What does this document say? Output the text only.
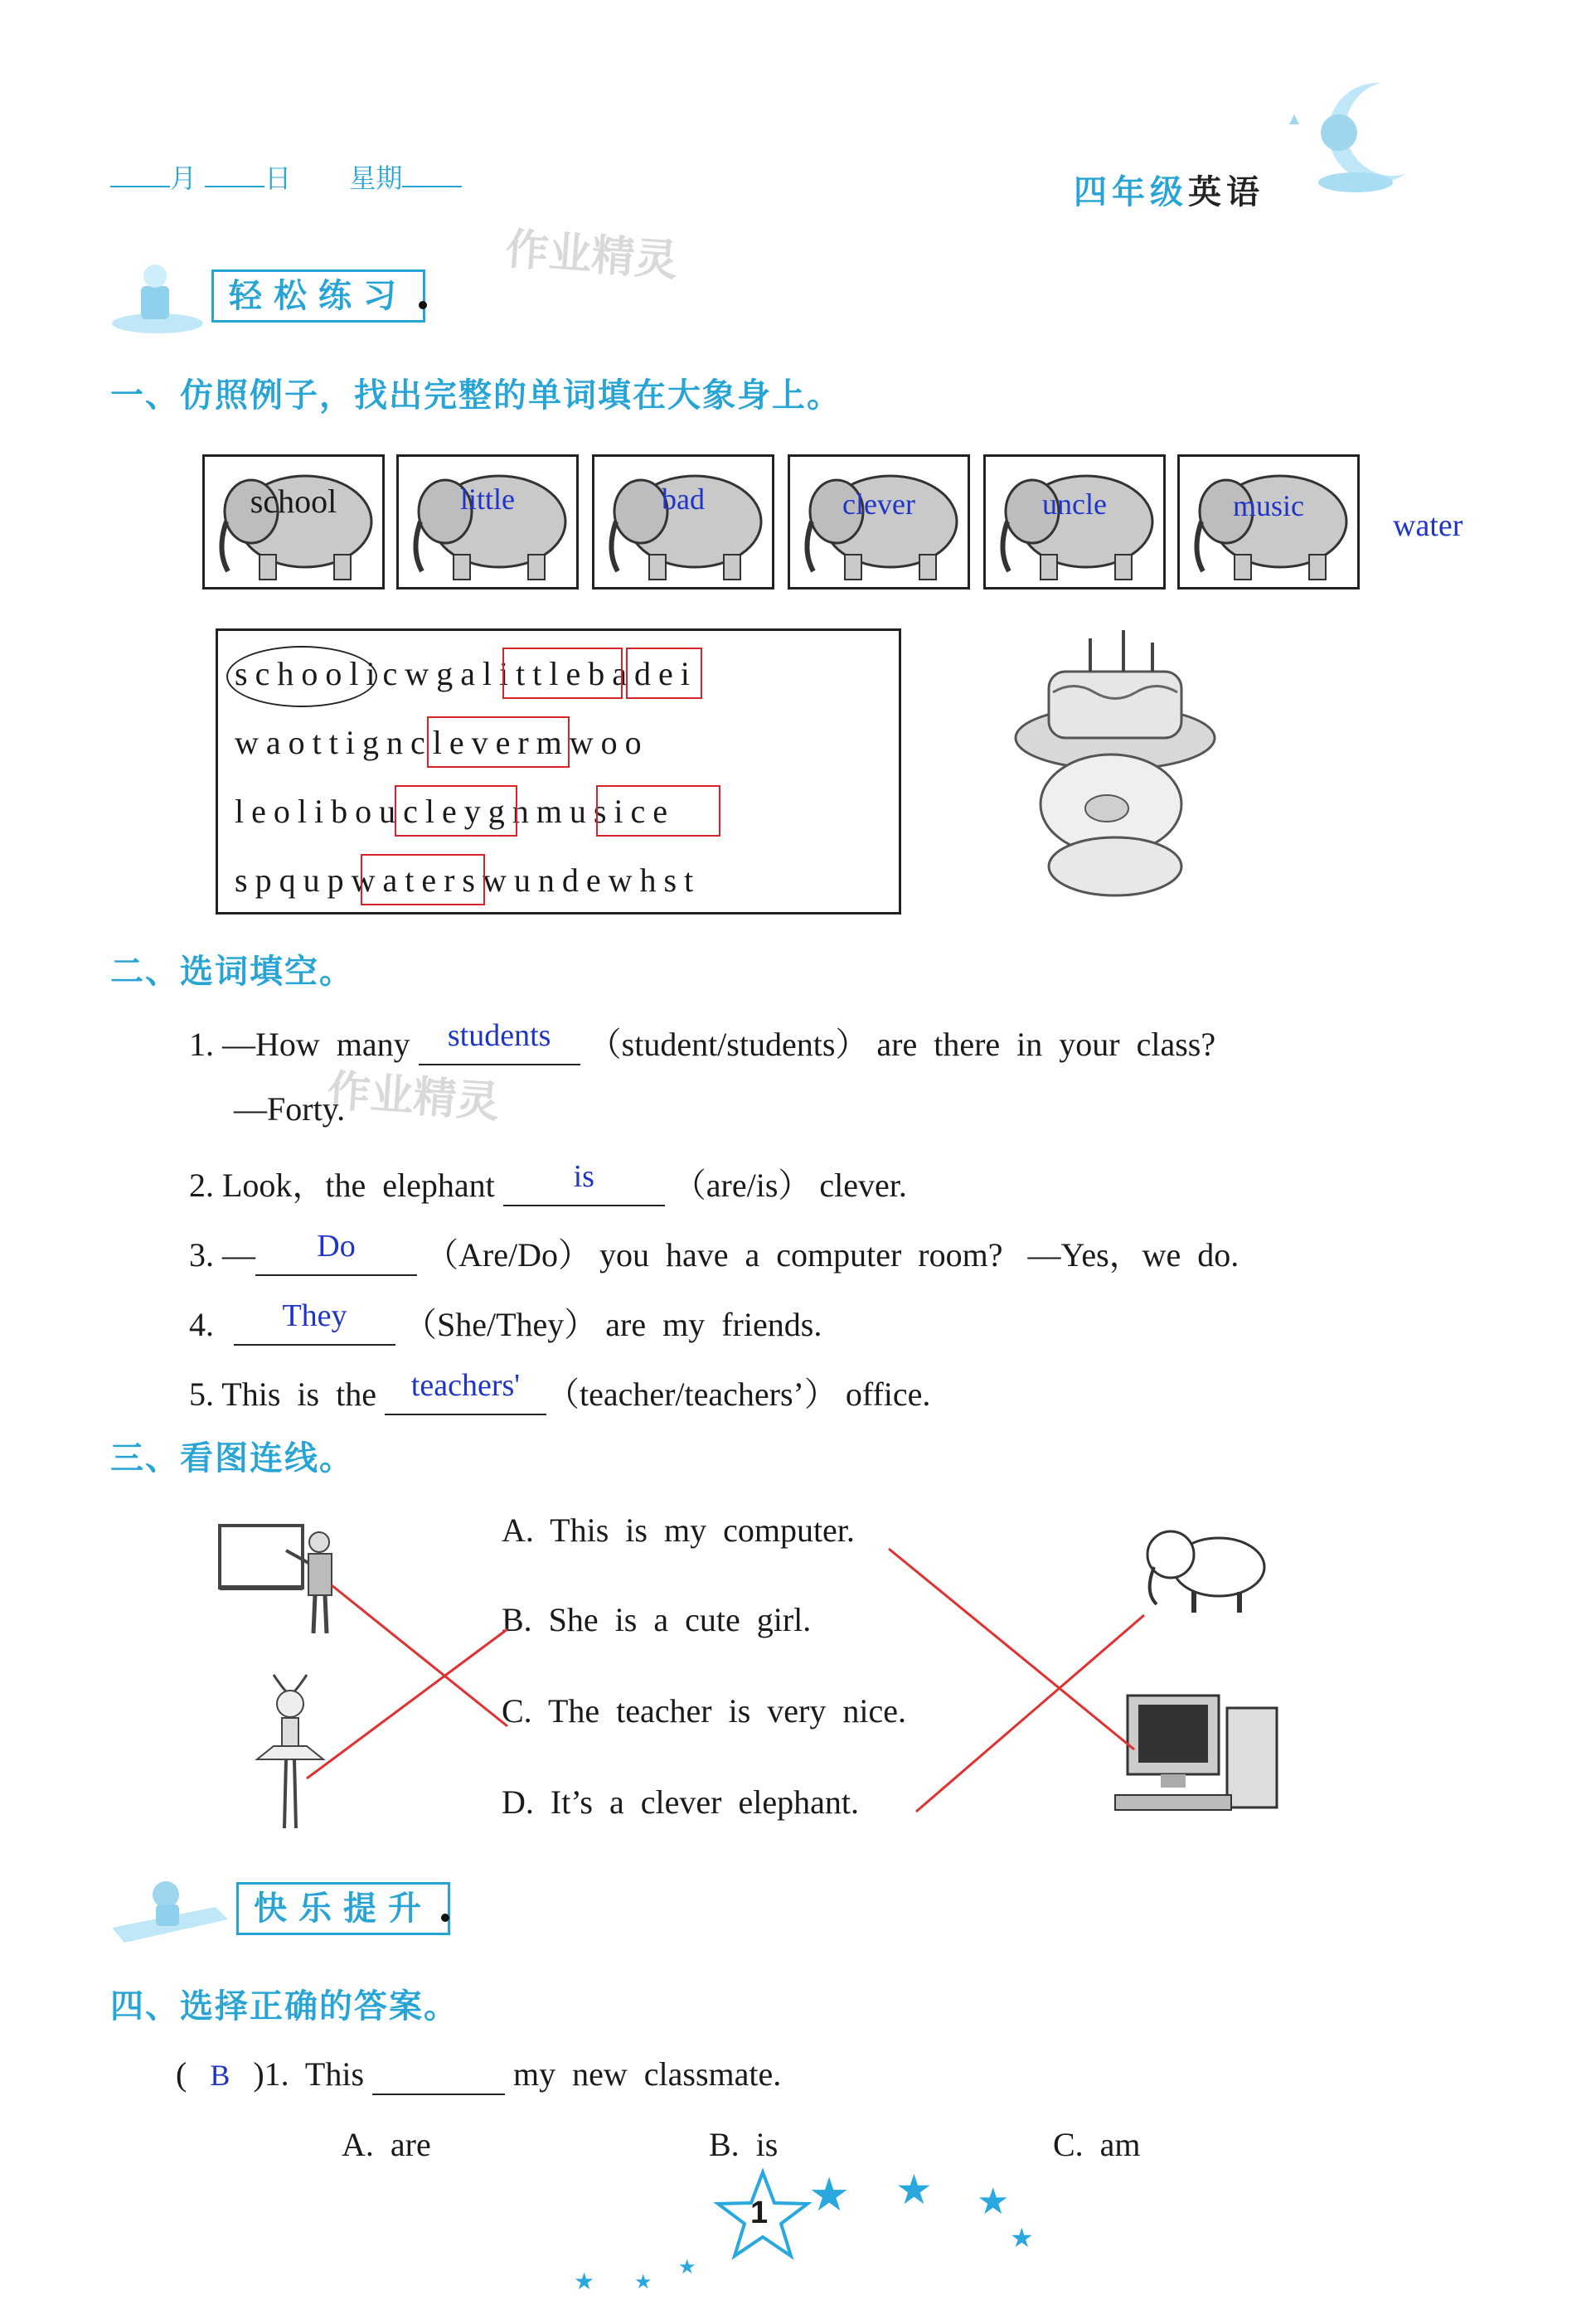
月	日 星期	四年级英语
作业精灵
作业精灵
轻松练习
一、仿照例子，找出完整的单词填在大象身上。
school	little	bad	clever	uncle	music
water
schoolicwgalittlebadei
waottignclevermwoo
leoliboucleygnmusice
spqupwaterswundewhst
二、选词填空。
1. —How  many students （student/students） are  there  in  your  class?
—Forty.
2. Look，the  elephant is （are/is） clever.
3. — Do （Are/Do） you  have  a  computer  room?   —Yes，we  do.
4. They （She/They） are  my  friends.
5. This  is  the teachers' （teacher/teachers’） office.
三、看图连线。
A.  This  is  my  computer.
B.  She  is  a  cute  girl.
C.  The  teacher  is  very  nice.
D.  It’s  a  clever  elephant.
快乐提升
四、选择正确的答案。
( B )1.  This	my  new  classmate.
A.  are	B.  is	C.  am
1 ★ ★ ★
★
★ ★
★
